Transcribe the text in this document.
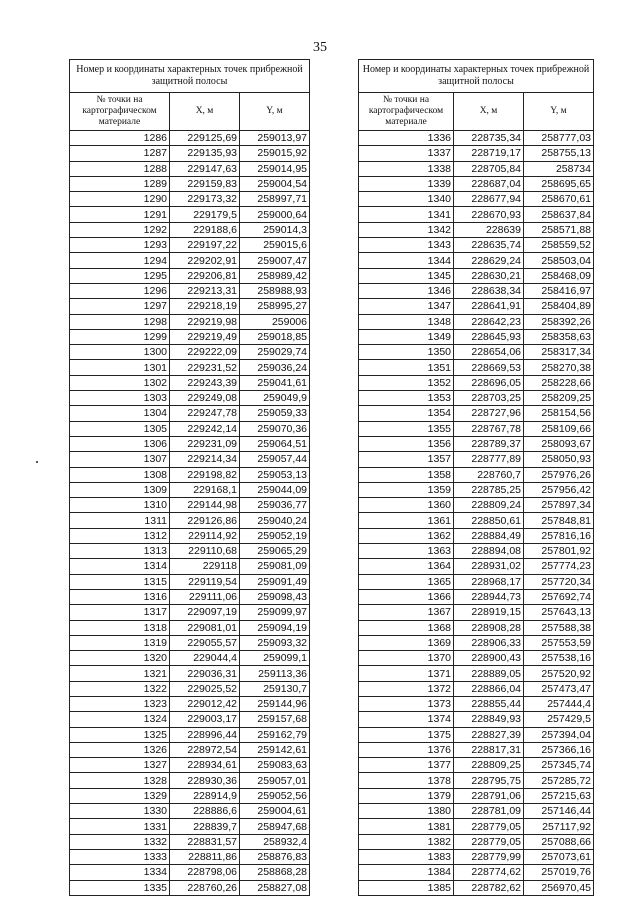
35
Номер и координаты характерных точек прибрежной защитной полосы		
№ точки на картографическом материале	X, м	Y, м
1286	229125,69	259013,97
1287	229135,93	259015,92
1288	229147,63	259014,95
1289	229159,83	259004,54
1290	229173,32	258997,71
1291	229179,5	259000,64
1292	229188,6	259014,3
1293	229197,22	259015,6
1294	229202,91	259007,47
1295	229206,81	258989,42
1296	229213,31	258988,93
1297	229218,19	258995,27
1298	229219,98	259006
1299	229219,49	259018,85
1300	229222,09	259029,74
1301	229231,52	259036,24
1302	229243,39	259041,61
1303	229249,08	259049,9
1304	229247,78	259059,33
1305	229242,14	259070,36
1306	229231,09	259064,51
1307	229214,34	259057,44
1308	229198,82	259053,13
1309	229168,1	259044,09
1310	229144,98	259036,77
1311	229126,86	259040,24
1312	229114,92	259052,19
1313	229110,68	259065,29
1314	229118	259081,09
1315	229119,54	259091,49
1316	229111,06	259098,43
1317	229097,19	259099,97
1318	229081,01	259094,19
1319	229055,57	259093,32
1320	229044,4	259099,1
1321	229036,31	259113,36
1322	229025,52	259130,7
1323	229012,42	259144,96
1324	229003,17	259157,68
1325	228996,44	259162,79
1326	228972,54	259142,61
1327	228934,61	259083,63
1328	228930,36	259057,01
1329	228914,9	259052,56
1330	228886,6	259004,61
1331	228839,7	258947,68
1332	228831,57	258932,4
1333	228811,86	258876,83
1334	228798,06	258868,28
1335	228760,26	258827,08
Номер и координаты характерных точек прибрежной защитной полосы		
№ точки на картографическом материале	X, м	Y, м
1336	228735,34	258777,03
1337	228719,17	258755,13
1338	228705,84	258734
1339	228687,04	258695,65
1340	228677,94	258670,61
1341	228670,93	258637,84
1342	228639	258571,88
1343	228635,74	258559,52
1344	228629,24	258503,04
1345	228630,21	258468,09
1346	228638,34	258416,97
1347	228641,91	258404,89
1348	228642,23	258392,26
1349	228645,93	258358,63
1350	228654,06	258317,34
1351	228669,53	258270,38
1352	228696,05	258228,66
1353	228703,25	258209,25
1354	228727,96	258154,56
1355	228767,78	258109,66
1356	228789,37	258093,67
1357	228777,89	258050,93
1358	228760,7	257976,26
1359	228785,25	257956,42
1360	228809,24	257897,34
1361	228850,61	257848,81
1362	228884,49	257816,16
1363	228894,08	257801,92
1364	228931,02	257774,23
1365	228968,17	257720,34
1366	228944,73	257692,74
1367	228919,15	257643,13
1368	228908,28	257588,38
1369	228906,33	257553,59
1370	228900,43	257538,16
1371	228889,05	257520,92
1372	228866,04	257473,47
1373	228855,44	257444,4
1374	228849,93	257429,5
1375	228827,39	257394,04
1376	228817,31	257366,16
1377	228809,25	257345,74
1378	228795,75	257285,72
1379	228791,06	257215,63
1380	228781,09	257146,44
1381	228779,05	257117,92
1382	228779,05	257088,66
1383	228779,99	257073,61
1384	228774,62	257019,76
1385	228782,62	256970,45
